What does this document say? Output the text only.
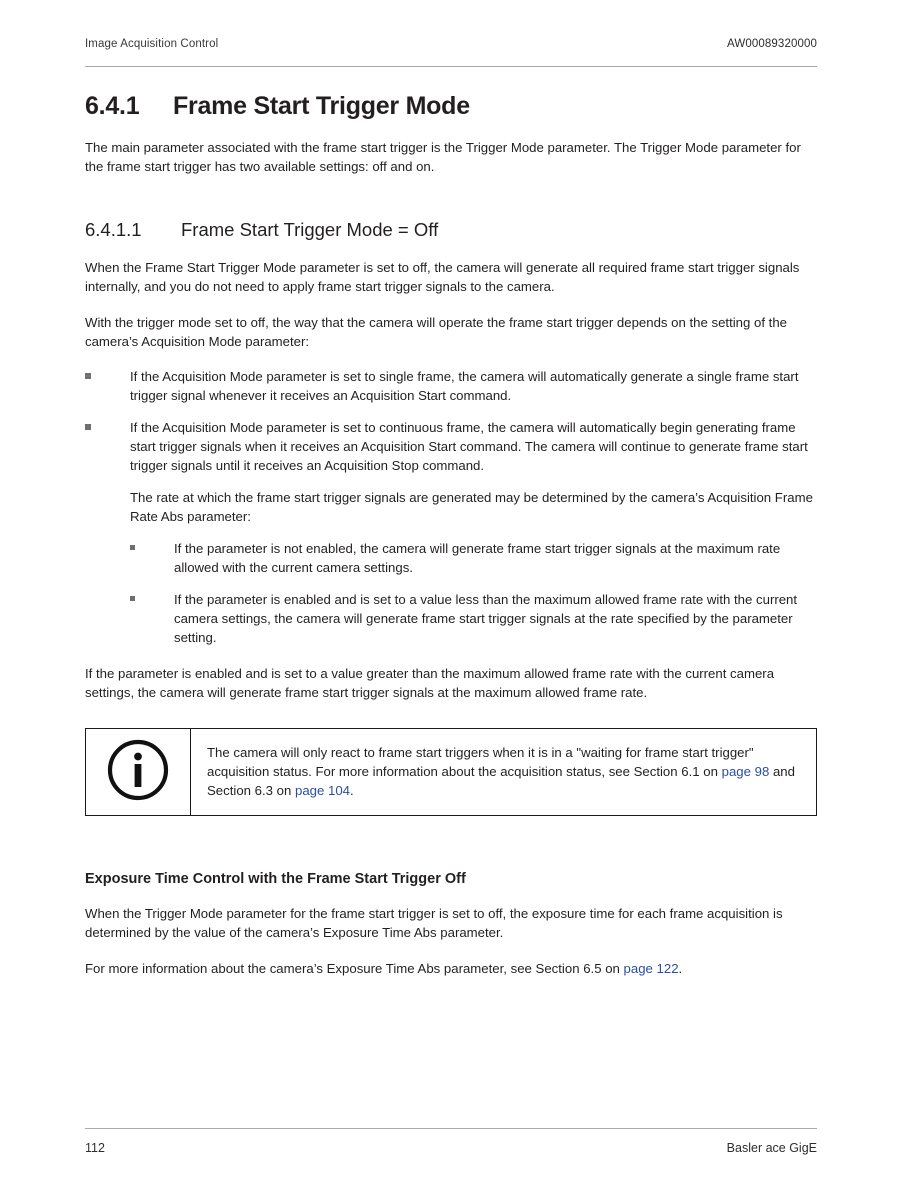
Image Acquisition Control	AW00089320000
6.4.1	Frame Start Trigger Mode

The main parameter associated with the frame start trigger is the Trigger Mode parameter. The Trigger Mode parameter for the frame start trigger has two available settings: off and on.

6.4.1.1	Frame Start Trigger Mode = Off

When the Frame Start Trigger Mode parameter is set to off, the camera will generate all required frame start trigger signals internally, and you do not need to apply frame start trigger signals to the camera.

With the trigger mode set to off, the way that the camera will operate the frame start trigger depends on the setting of the camera’s Acquisition Mode parameter:

If the Acquisition Mode parameter is set to single frame, the camera will automatically generate a single frame start trigger signal whenever it receives an Acquisition Start command.
If the Acquisition Mode parameter is set to continuous frame, the camera will automatically begin generating frame start trigger signals when it receives an Acquisition Start command. The camera will continue to generate frame start trigger signals until it receives an Acquisition Stop command.
The rate at which the frame start trigger signals are generated may be determined by the camera’s Acquisition Frame Rate Abs parameter:
If the parameter is not enabled, the camera will generate frame start trigger signals at the maximum rate allowed with the current camera settings.
If the parameter is enabled and is set to a value less than the maximum allowed frame rate with the current camera settings, the camera will generate frame start trigger signals at the rate specified by the parameter setting.

If the parameter is enabled and is set to a value greater than the maximum allowed frame rate with the current camera settings, the camera will generate frame start trigger signals at the maximum allowed frame rate.

The camera will only react to frame start triggers when it is in a "waiting for frame start trigger" acquisition status. For more information about the acquisition status, see Section 6.1 on page 98 and Section 6.3 on page 104.
Exposure Time Control with the Frame Start Trigger Off

When the Trigger Mode parameter for the frame start trigger is set to off, the exposure time for each frame acquisition is determined by the value of the camera’s Exposure Time Abs parameter.

For more information about the camera’s Exposure Time Abs parameter, see Section 6.5 on page 122.

112	Basler ace GigE
